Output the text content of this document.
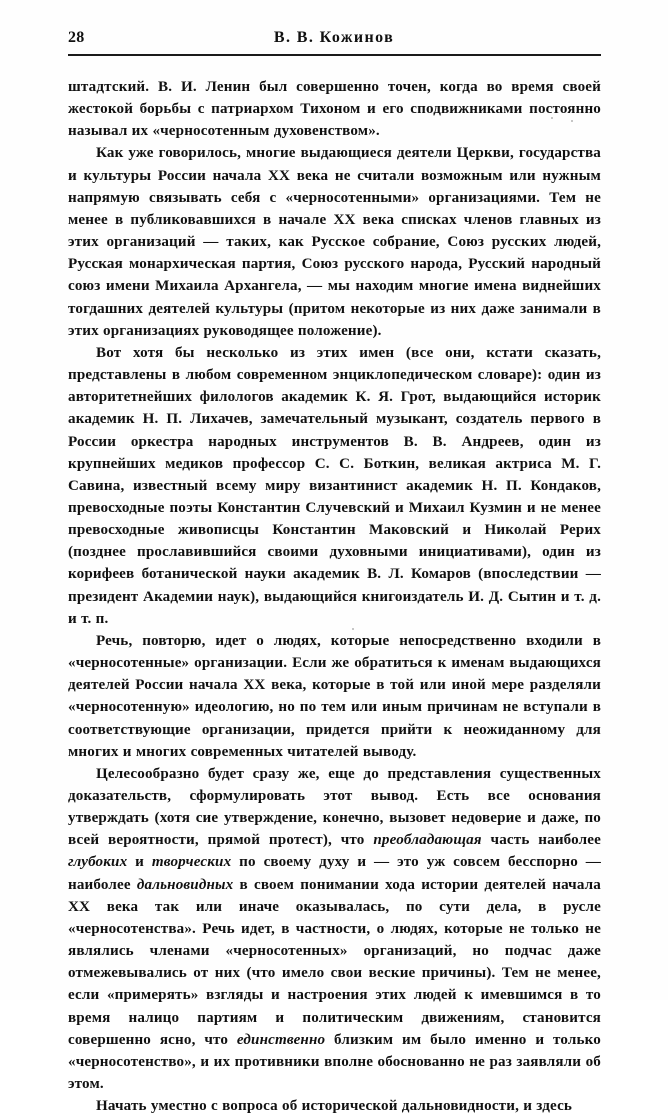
28	В. В. Кожинов

штадтский. В. И. Ленин был совершенно точен, когда во время своей жестокой борьбы с патриархом Тихоном и его сподвижниками постоянно называл их «черносотенным духовенством».

Как уже говорилось, многие выдающиеся деятели Церкви, государства и культуры России начала XX века не считали возможным или нужным напрямую связывать себя с «черносотенными» организациями. Тем не менее в публиковавшихся в начале XX века списках членов главных из этих организаций — таких, как Русское собрание, Союз русских людей, Русская монархическая партия, Союз русского народа, Русский народный союз имени Михаила Архангела, — мы находим многие имена виднейших тогдашних деятелей культуры (притом некоторые из них даже занимали в этих организациях руководящее положение).

Вот хотя бы несколько из этих имен (все они, кстати сказать, представлены в любом современном энциклопедическом словаре): один из авторитетнейших филологов академик К. Я. Грот, выдающийся историк академик Н. П. Лихачев, замечательный музыкант, создатель первого в России оркестра народных инструментов В. В. Андреев, один из крупнейших медиков профессор С. С. Боткин, великая актриса М. Г. Савина, известный всему миру византинист академик Н. П. Кондаков, превосходные поэты Константин Случевский и Михаил Кузмин и не менее превосходные живописцы Константин Маковский и Николай Рерих (позднее прославившийся своими духовными инициативами), один из корифеев ботанической науки академик В. Л. Комаров (впоследствии — президент Академии наук), выдающийся книгоиздатель И. Д. Сытин и т. д. и т. п.

Речь, повторю, идет о людях, которые непосредственно входили в «черносотенные» организации. Если же обратиться к именам выдающихся деятелей России начала XX века, которые в той или иной мере разделяли «черносотенную» идеологию, но по тем или иным причинам не вступали в соответствующие организации, придется прийти к неожиданному для многих и многих современных читателей выводу.

Целесообразно будет сразу же, еще до представления существенных доказательств, сформулировать этот вывод. Есть все основания утверждать (хотя сие утверждение, конечно, вызовет недоверие и даже, по всей вероятности, прямой протест), что преобладающая часть наиболее глубоких и творческих по своему духу и — это уж совсем бесспорно — наиболее дальновидных в своем понимании хода истории деятелей начала XX века так или иначе оказывалась, по сути дела, в русле «черносотенства». Речь идет, в частности, о людях, которые не только не являлись членами «черносотенных» организаций, но подчас даже отмежевывались от них (что имело свои веские причины). Тем не менее, если «примерять» взгляды и настроения этих людей к имевшимся в то время налицо партиям и политическим движениям, становится совершенно ясно, что единственно близким им было именно и только «черносотенство», и их противники вполне обоснованно не раз заявляли об этом.

Начать уместно с вопроса об исторической дальновидности, и здесь
